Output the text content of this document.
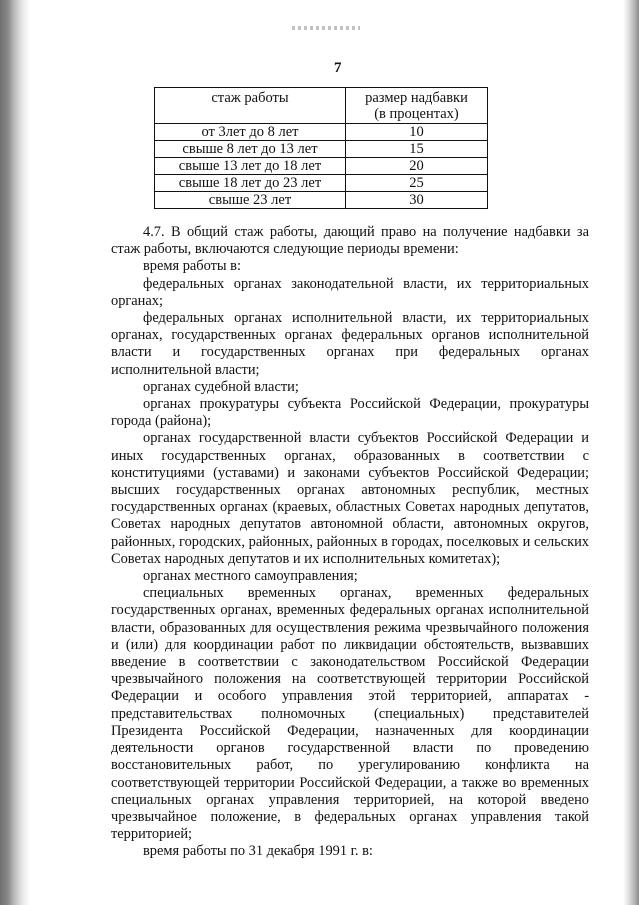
7
стаж работы	размер надбавки
(в процентах)

от 3лет до 8 лет	10
свыше 8 лет до 13 лет	15
свыше 13 лет до 18 лет	20
свыше 18 лет до 23 лет	25
свыше 23 лет	30

4.7. В общий стаж работы, дающий право на получение надбавки за стаж работы, включаются следующие периоды времени:

время работы в:

федеральных органах законодательной власти, их территориальных органах;

федеральных органах исполнительной власти, их территориальных органах, государственных органах федеральных органов исполнительной власти и государственных органах при федеральных органах исполнительной власти;

органах судебной власти;

органах прокуратуры субъекта Российской Федерации, прокуратуры города (района);

органах государственной власти субъектов Российской Федерации и иных государственных органах, образованных в соответствии с конституциями (уставами) и законами субъектов Российской Федерации; высших государственных органах автономных республик, местных государственных органах (краевых, областных Советах народных депутатов, Советах народных депутатов автономной области, автономных округов, районных, городских, районных, районных в городах, поселковых и сельских Советах народных депутатов и их исполнительных комитетах);

органах местного самоуправления;

специальных временных органах, временных федеральных государственных органах, временных федеральных органах исполнительной власти, образованных для осуществления режима чрезвычайного положения и (или) для координации работ по ликвидации обстоятельств, вызвавших введение в соответствии с законодательством Российской Федерации чрезвычайного положения на соответствующей территории Российской Федерации и особого управления этой территорией, аппаратах - представительствах полномочных (специальных) представителей Президента Российской Федерации, назначенных для координации деятельности органов государственной власти по проведению восстановительных работ, по урегулированию конфликта на соответствующей территории Российской Федерации, а также во временных специальных органах управления территорией, на которой введено чрезвычайное положение, в федеральных органах управления такой территорией;

время работы по 31 декабря 1991 г. в:
